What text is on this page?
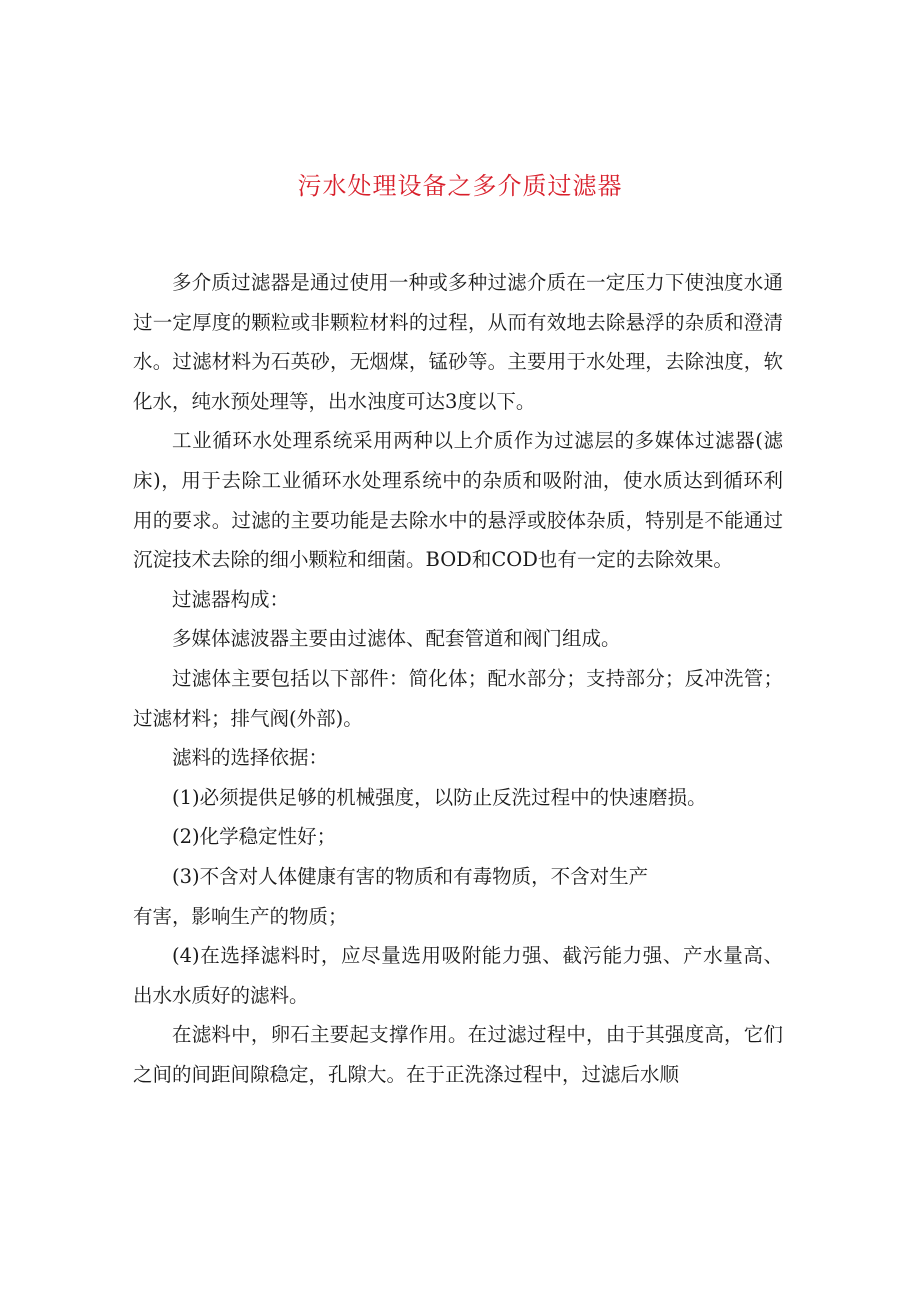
污水处理设备之多介质过滤器

多介质过滤器是通过使用一种或多种过滤介质在一定压力下使浊度水通过一定厚度的颗粒或非颗粒材料的过程，从而有效地去除悬浮的杂质和澄清水。过滤材料为石英砂，无烟煤，锰砂等。主要用于水处理，去除浊度，软化水，纯水预处理等，出水浊度可达3度以下。

工业循环水处理系统采用两种以上介质作为过滤层的多媒体过滤器(滤床)，用于去除工业循环水处理系统中的杂质和吸附油，使水质达到循环利用的要求。过滤的主要功能是去除水中的悬浮或胶体杂质，特别是不能通过沉淀技术去除的细小颗粒和细菌。BOD和COD也有一定的去除效果。

过滤器构成：

多媒体滤波器主要由过滤体、配套管道和阀门组成。

过滤体主要包括以下部件：简化体；配水部分；支持部分；反冲洗管；过滤材料；排气阀(外部)。

滤料的选择依据：

(1)必须提供足够的机械强度，以防止反洗过程中的快速磨损。

(2)化学稳定性好；

(3)不含对人体健康有害的物质和有毒物质，不含对生产

有害，影响生产的物质；

(4)在选择滤料时，应尽量选用吸附能力强、截污能力强、产水量高、出水水质好的滤料。

在滤料中，卵石主要起支撑作用。在过滤过程中，由于其强度高，它们之间的间距间隙稳定，孔隙大。在于正洗涤过程中，过滤后水顺
